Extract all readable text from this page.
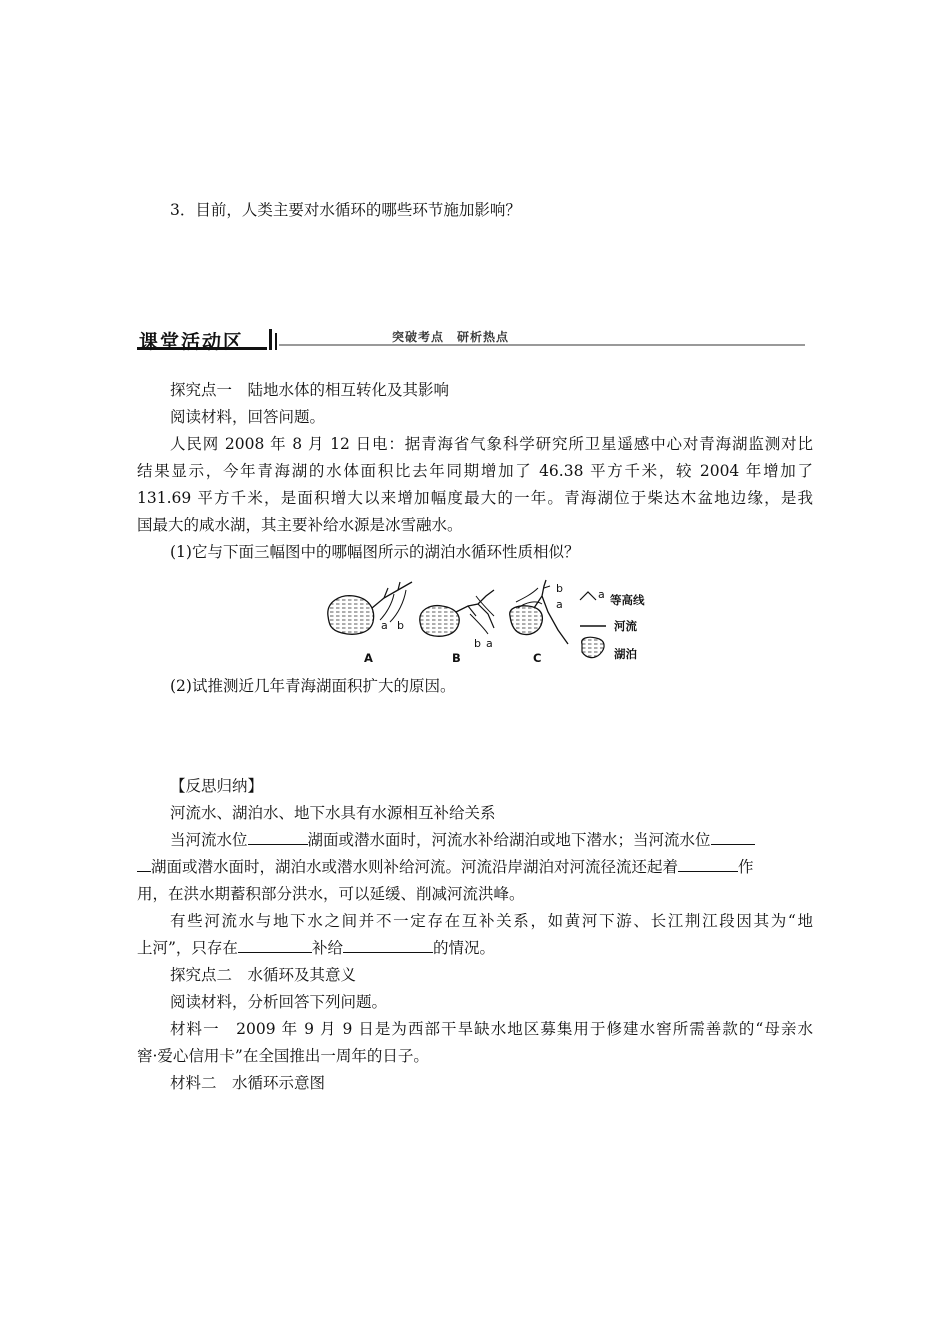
3．目前，人类主要对水循环的哪些环节施加影响？
课堂活动区	突破考点　研析热点
探究点一　陆地水体的相互转化及其影响
阅读材料，回答问题。
人民网 2008 年 8 月 12 日电：据青海省气象科学研究所卫星遥感中心对青海湖监测对比
结果显示，今年青海湖的水体面积比去年同期增加了 46.38 平方千米，较 2004 年增加了
131.69 平方千米，是面积增大以来增加幅度最大的一年。青海湖位于柴达木盆地边缘，是我
国最大的咸水湖，其主要补给水源是冰雪融水。
(1)它与下面三幅图中的哪幅图所示的湖泊水循环性质相似？
a b
A
b a
B
b
a
C
a 等高线
河流
湖泊
(2)试推测近几年青海湖面积扩大的原因。
【反思归纳】
河流水、湖泊水、地下水具有水源相互补给关系
当河流水位	湖面或潜水面时，河流水补给湖泊或地下潜水；当河流水位
湖面或潜水面时，湖泊水或潜水则补给河流。河流沿岸湖泊对河流径流还起着	作
用，在洪水期蓄积部分洪水，可以延缓、削减河流洪峰。
有些河流水与地下水之间并不一定存在互补关系，如黄河下游、长江荆江段因其为“地
上河”，只存在	补给	的情况。
探究点二　水循环及其意义
阅读材料，分析回答下列问题。
材料一　2009 年 9 月 9 日是为西部干旱缺水地区募集用于修建水窖所需善款的“母亲水
窖·爱心信用卡”在全国推出一周年的日子。
材料二　水循环示意图
